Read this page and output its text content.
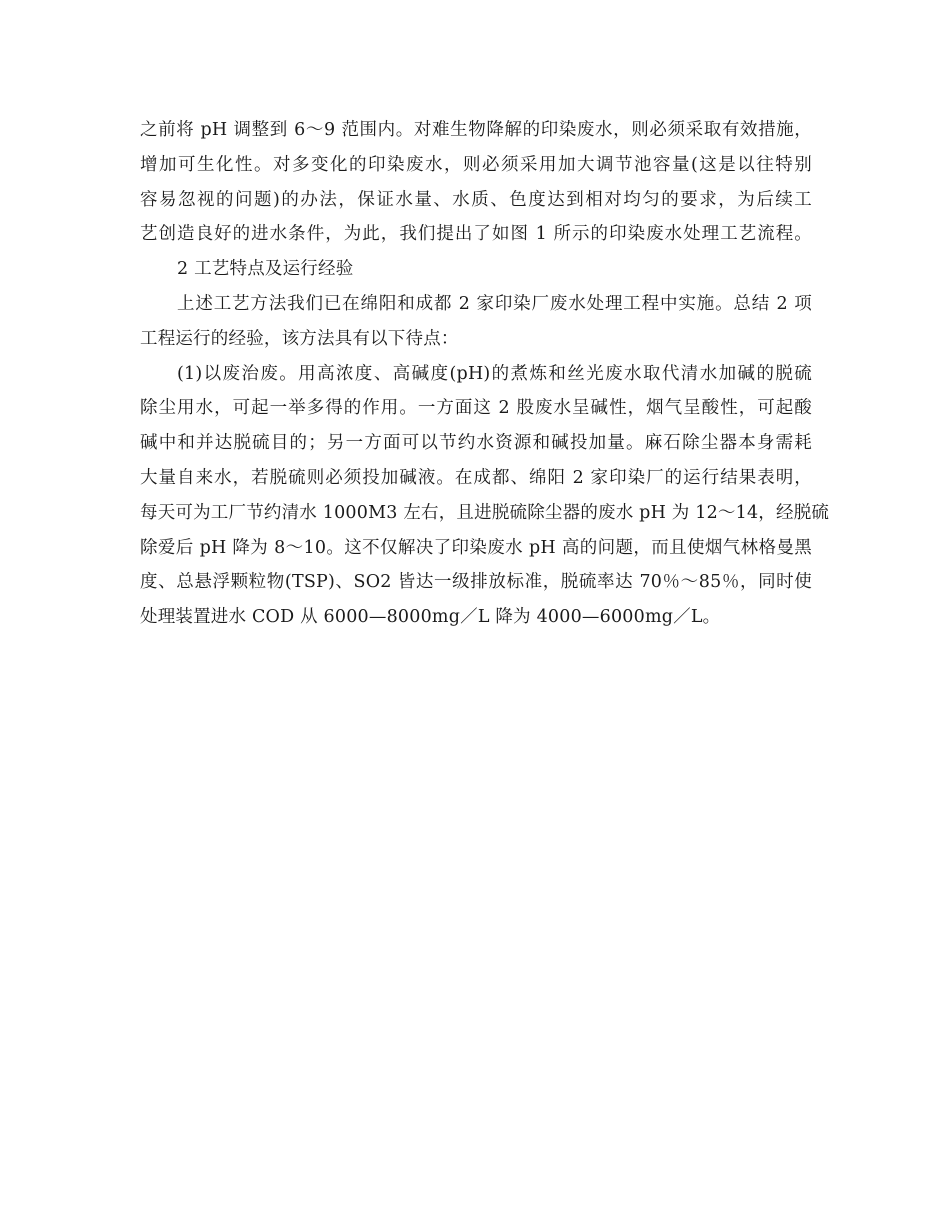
之前将 pH 调整到 6～9 范围内。对难生物降解的印染废水，则必须采取有效措施，
增加可生化性。对多变化的印染废水，则必须采用加大调节池容量(这是以往特别
容易忽视的问题)的办法，保证水量、水质、色度达到相对均匀的要求，为后续工
艺创造良好的进水条件，为此，我们提出了如图 1 所示的印染废水处理工艺流程。
2 工艺特点及运行经验
上述工艺方法我们已在绵阳和成都 2 家印染厂废水处理工程中实施。总结 2 项
工程运行的经验，该方法具有以下待点：
(1)以废治废。用高浓度、高碱度(pH)的煮炼和丝光废水取代清水加碱的脱硫
除尘用水，可起一举多得的作用。一方面这 2 股废水呈碱性，烟气呈酸性，可起酸
碱中和并达脱硫目的；另一方面可以节约水资源和碱投加量。麻石除尘器本身需耗
大量自来水，若脱硫则必须投加碱液。在成都、绵阳 2 家印染厂的运行结果表明，
每天可为工厂节约清水 1000M3 左右，且进脱硫除尘器的废水 pH 为 12～14，经脱硫
除爱后 pH 降为 8～10。这不仅解决了印染废水 pH 高的问题，而且使烟气林格曼黑
度、总悬浮颗粒物(TSP)、SO2 皆达一级排放标准，脱硫率达 70％～85％，同时使
处理装置进水 COD 从 6000—8000mg／L 降为 4000—6000mg／L。
